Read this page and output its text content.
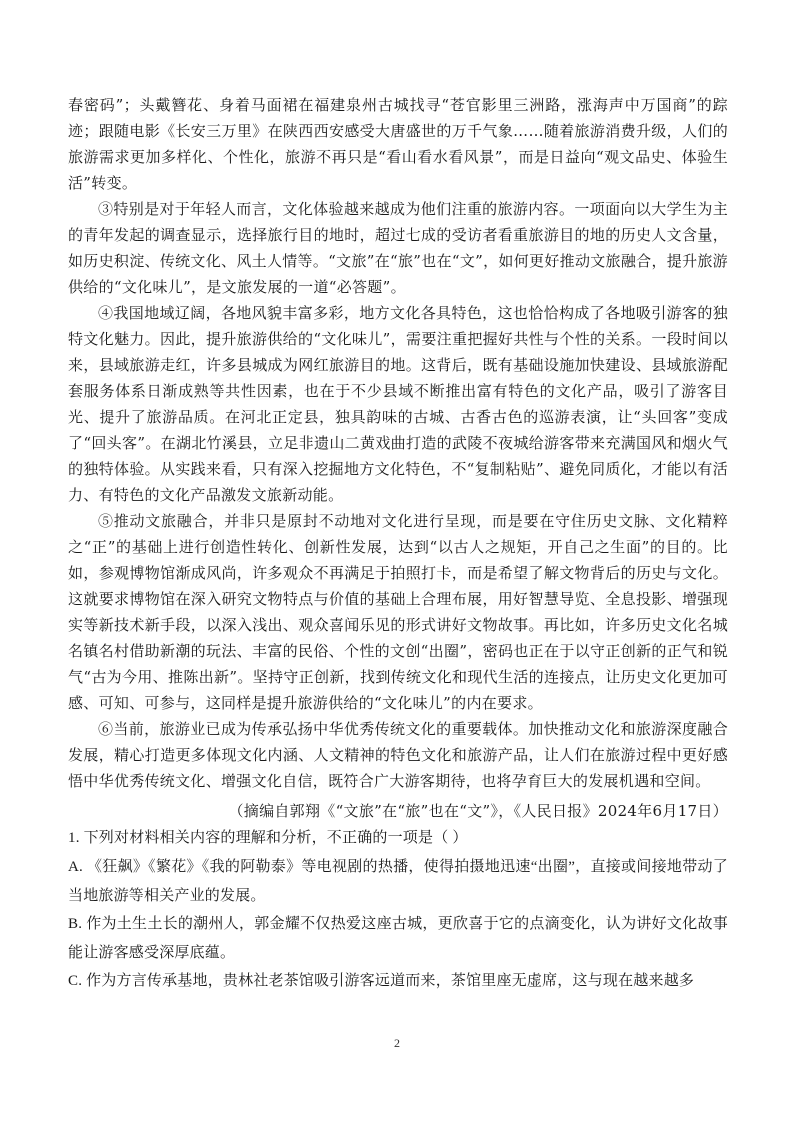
春密码”；头戴簪花、身着马面裙在福建泉州古城找寻“苍官影里三洲路，涨海声中万国商”的踪迹；跟随电影《长安三万里》在陕西西安感受大唐盛世的万千气象……随着旅游消费升级，人们的旅游需求更加多样化、个性化，旅游不再只是“看山看水看风景”，而是日益向“观文品史、体验生活”转变。

③特别是对于年轻人而言，文化体验越来越成为他们注重的旅游内容。一项面向以大学生为主的青年发起的调查显示，选择旅行目的地时，超过七成的受访者看重旅游目的地的历史人文含量，如历史积淀、传统文化、风土人情等。“文旅”在“旅”也在“文”，如何更好推动文旅融合，提升旅游供给的“文化味儿”，是文旅发展的一道“必答题”。

④我国地域辽阔，各地风貌丰富多彩，地方文化各具特色，这也恰恰构成了各地吸引游客的独特文化魅力。因此，提升旅游供给的“文化味儿”，需要注重把握好共性与个性的关系。一段时间以来，县域旅游走红，许多县城成为网红旅游目的地。这背后，既有基础设施加快建设、县域旅游配套服务体系日渐成熟等共性因素，也在于不少县域不断推出富有特色的文化产品，吸引了游客目光、提升了旅游品质。在河北正定县，独具韵味的古城、古香古色的巡游表演，让“头回客”变成了“回头客”。在湖北竹溪县，立足非遗山二黄戏曲打造的武陵不夜城给游客带来充满国风和烟火气的独特体验。从实践来看，只有深入挖掘地方文化特色，不“复制粘贴”、避免同质化，才能以有活力、有特色的文化产品激发文旅新动能。

⑤推动文旅融合，并非只是原封不动地对文化进行呈现，而是要在守住历史文脉、文化精粹之“正”的基础上进行创造性转化、创新性发展，达到“以古人之规矩，开自己之生面”的目的。比如，参观博物馆渐成风尚，许多观众不再满足于拍照打卡，而是希望了解文物背后的历史与文化。这就要求博物馆在深入研究文物特点与价值的基础上合理布展，用好智慧导览、全息投影、增强现实等新技术新手段，以深入浅出、观众喜闻乐见的形式讲好文物故事。再比如，许多历史文化名城名镇名村借助新潮的玩法、丰富的民俗、个性的文创“出圈”，密码也正在于以守正创新的正气和锐气“古为今用、推陈出新”。坚持守正创新，找到传统文化和现代生活的连接点，让历史文化更加可感、可知、可参与，这同样是提升旅游供给的“文化味儿”的内在要求。

⑥当前，旅游业已成为传承弘扬中华优秀传统文化的重要载体。加快推动文化和旅游深度融合发展，精心打造更多体现文化内涵、人文精神的特色文化和旅游产品，让人们在旅游过程中更好感悟中华优秀传统文化、增强文化自信，既符合广大游客期待，也将孕育巨大的发展机遇和空间。

（摘编自郭翔《“文旅”在“旅”也在“文”》，《人民日报》2024年6月17日）

1. 下列对材料相关内容的理解和分析，不正确的一项是（ ）

A. 《狂飙》《繁花》《我的阿勒泰》等电视剧的热播，使得拍摄地迅速“出圈”，直接或间接地带动了当地旅游等相关产业的发展。

B. 作为土生土长的潮州人，郭金耀不仅热爱这座古城，更欣喜于它的点滴变化，认为讲好文化故事能让游客感受深厚底蕴。

C. 作为方言传承基地，贵林社老茶馆吸引游客远道而来，茶馆里座无虚席，这与现在越来越多

2
